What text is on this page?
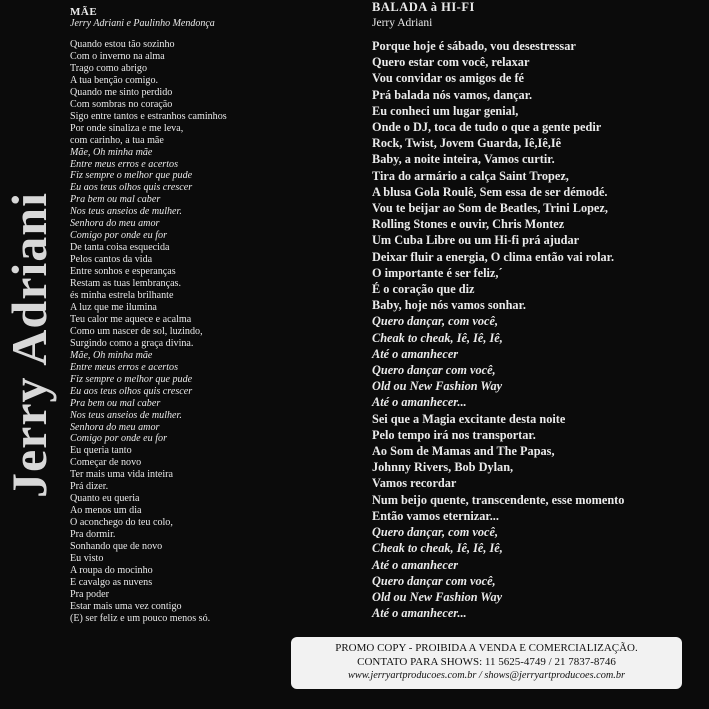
Jerry Adriani
MÃE
Jerry Adriani e Paulinho Mendonça
Quando estou tão sozinho
Com o inverno na alma
Trago como abrigo
A tua benção comigo.
Quando me sinto perdido
Com sombras no coração
Sigo entre tantos e estranhos caminhos
Por onde sinaliza e me leva,
com carinho, a tua mãe
Mãe, Oh minha mãe
Entre meus erros e acertos
Fiz sempre o melhor que pude
Eu aos teus olhos quis crescer
Pra bem ou mal caber
Nos teus anseios de mulher.
Senhora do meu amor
Comigo por onde eu for
De tanta coisa esquecida
Pelos cantos da vida
Entre sonhos e esperanças
Restam as tuas lembranças.
és minha estrela brilhante
A luz que me ilumina
Teu calor me aquece e acalma
Como um nascer de sol, luzindo,
Surgindo como a graça divina.
Mãe, Oh minha mãe
Entre meus erros e acertos
Fiz sempre o melhor que pude
Eu aos teus olhos quis crescer
Pra bem ou mal caber
Nos teus anseios de mulher.
Senhora do meu amor
Comigo por onde eu for
Eu queria tanto
Começar de novo
Ter mais uma vida inteira
Prá dizer.
Quanto eu queria
Ao menos um dia
O aconchego do teu colo,
Pra dormir.
Sonhando que de novo
Eu visto
A roupa do mocinho
E cavalgo as nuvens
Pra poder
Estar mais uma vez contigo
(E) ser feliz e um pouco menos só.
BALADA à HI-FI
Jerry Adriani
Porque hoje é sábado, vou desestressar
Quero estar com você, relaxar
Vou convidar os amigos de fé
Prá balada nós vamos, dançar.
Eu conheci um lugar genial,
Onde o DJ, toca de tudo o que a gente pedir
Rock, Twist, Jovem Guarda, Iê,Iê,Iê
Baby, a noite inteira, Vamos curtir.
Tira do armário a calça Saint Tropez,
A blusa Gola Roulê, Sem essa de ser démodé.
Vou te beijar ao Som de Beatles, Trini Lopez,
Rolling Stones e ouvir, Chris Montez
Um Cuba Libre ou um Hi-fi prá ajudar
Deixar fluir a energia, O clima então vai rolar.
O importante é ser feliz,´
É o coração que diz
Baby, hoje nós vamos sonhar.
Quero dançar, com você,
Cheak to cheak, Iê, Iê, Iê,
Até o amanhecer
Quero dançar com você,
Old ou New Fashion Way
Até o amanhecer...
Sei que a Magia excitante desta noite
Pelo tempo irá nos transportar.
Ao Som de Mamas and The Papas,
Johnny Rivers, Bob Dylan,
Vamos recordar
Num beijo quente, transcendente, esse momento
Então vamos eternizar...
Quero dançar, com você,
Cheak to cheak, Iê, Iê, Iê,
Até o amanhecer
Quero dançar com você,
Old ou New Fashion Way
Até o amanhecer...
PROMO COPY - PROIBIDA A VENDA E COMERCIALIZAÇÃO.
CONTATO PARA SHOWS: 11 5625-4749 / 21 7837-8746
www.jerryartproducoes.com.br / shows@jerryartproducoes.com.br
